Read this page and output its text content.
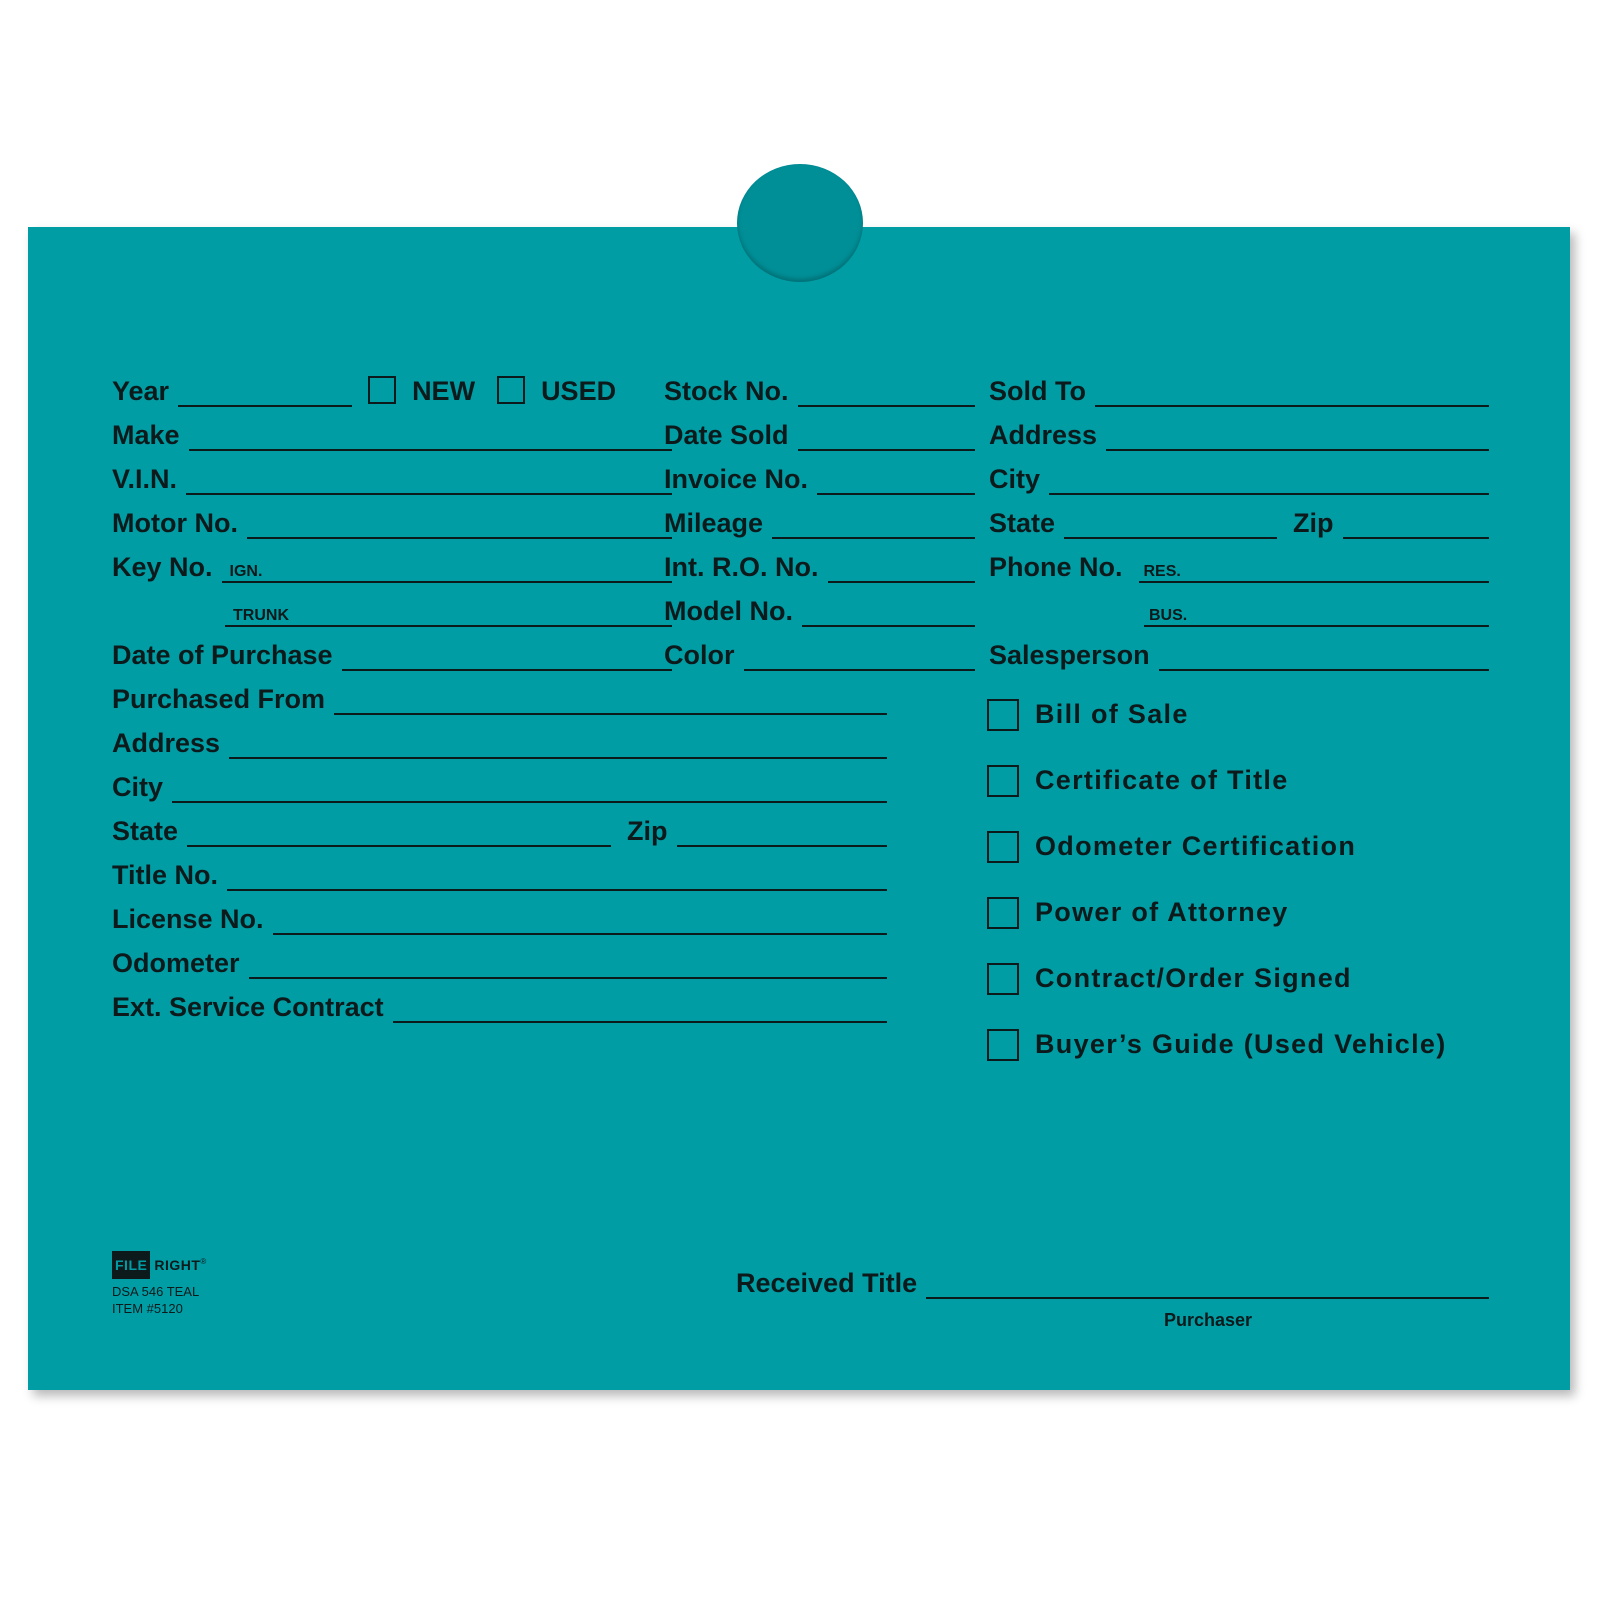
Year	NEW USED
Make
V.I.N.
Motor No.
Key No. IGN.
TRUNK
Date of Purchase
Purchased From
Address
City
State	Zip
Title No.
License No.
Odometer
Ext. Service Contract
Stock No.
Date Sold
Invoice No.
Mileage
Int. R.O. No.
Model No.
Color
Sold To
Address
City
State	Zip
Phone No. RES.
BUS.
Salesperson
Bill of Sale
Certificate of Title
Odometer Certification
Power of Attorney
Contract/Order Signed
Buyer’s Guide (Used Vehicle)
FILE RIGHT ®
DSA 546 TEAL
ITEM #5120
Received Title
Purchaser
